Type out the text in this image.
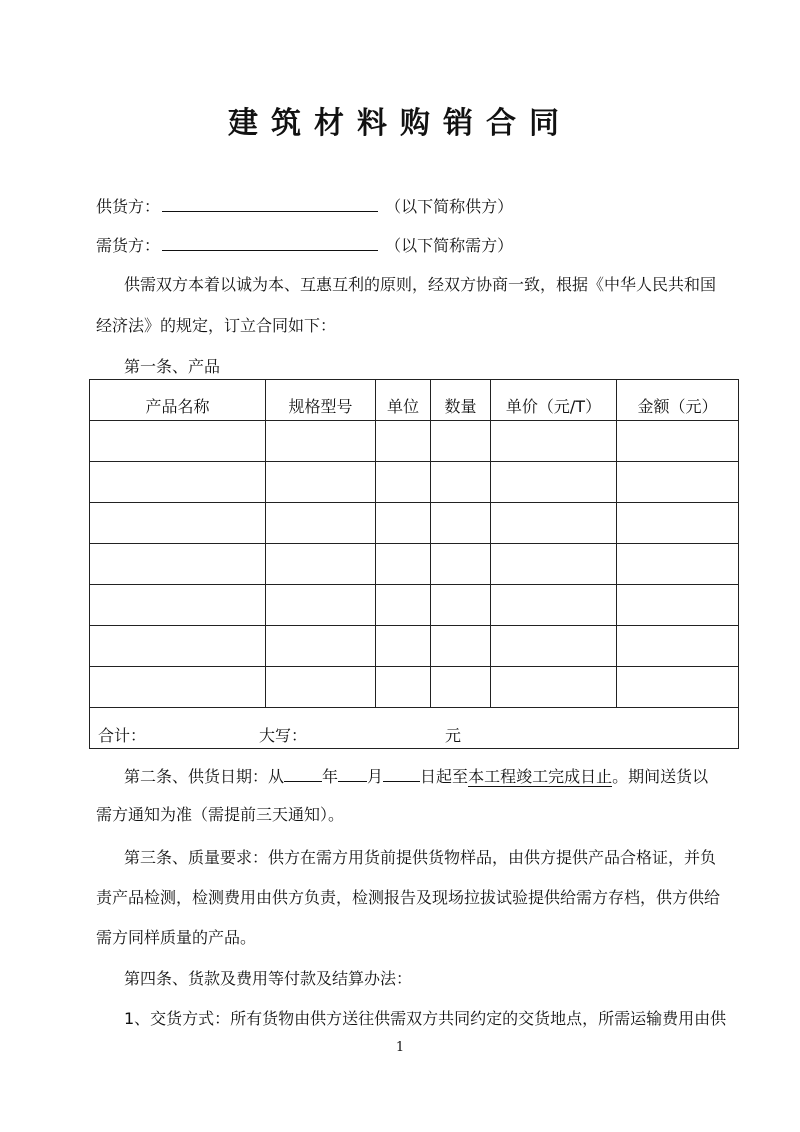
建筑材料购销合同
供货方：	（以下简称供方）
需货方：	（以下简称需方）
供需双方本着以诚为本、互惠互利的原则，经双方协商一致，根据《中华人民共和国
经济法》的规定，订立合同如下：
第一条、产品
产品名称	规格型号	单位	数量	单价（元/T）	金额（元）

合计： 大写： 元					
第二条、供货日期：从 年 月 日起至本工程竣工完成日止。期间送货以
需方通知为准（需提前三天通知）。
第三条、质量要求：供方在需方用货前提供货物样品，由供方提供产品合格证，并负
责产品检测，检测费用由供方负责，检测报告及现场拉拔试验提供给需方存档，供方供给
需方同样质量的产品。
第四条、货款及费用等付款及结算办法：
1、交货方式：所有货物由供方送往供需双方共同约定的交货地点，所需运输费用由供
1
